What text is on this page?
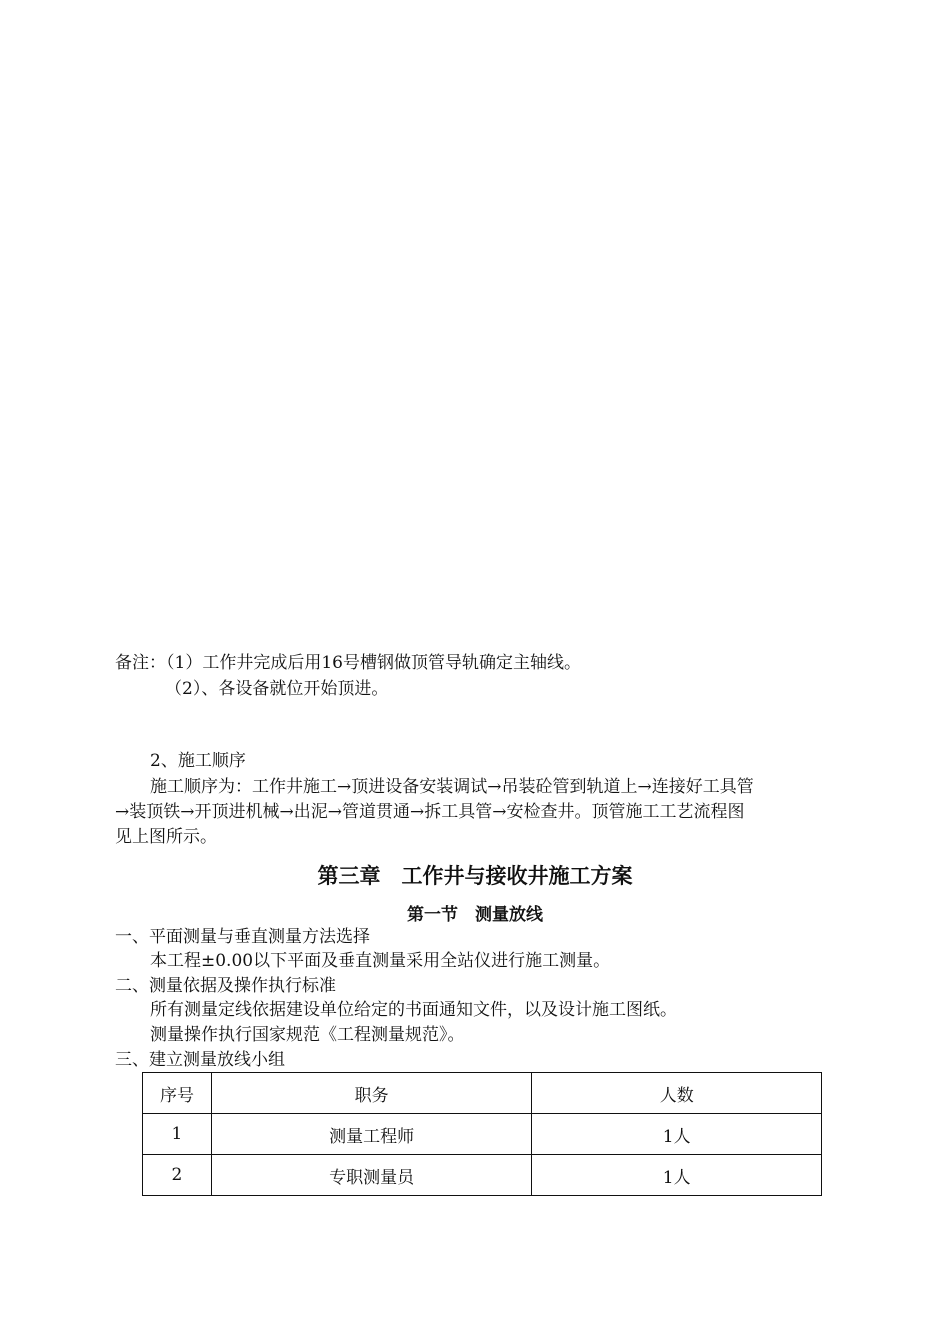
备注：（1）工作井完成后用16号槽钢做顶管导轨确定主轴线。
（2）、各设备就位开始顶进。
2、施工顺序
施工顺序为：工作井施工→顶进设备安装调试→吊装砼管到轨道上→连接好工具管
→装顶铁→开顶进机械→出泥→管道贯通→拆工具管→安检查井。顶管施工工艺流程图
见上图所示。
第三章　工作井与接收井施工方案
第一节　测量放线
一、平面测量与垂直测量方法选择
本工程±0.00以下平面及垂直测量采用全站仪进行施工测量。
二、测量依据及操作执行标准
所有测量定线依据建设单位给定的书面通知文件，以及设计施工图纸。
测量操作执行国家规范《工程测量规范》。
三、建立测量放线小组
序号	职务	人数
1	测量工程师	1人
2	专职测量员	1人
